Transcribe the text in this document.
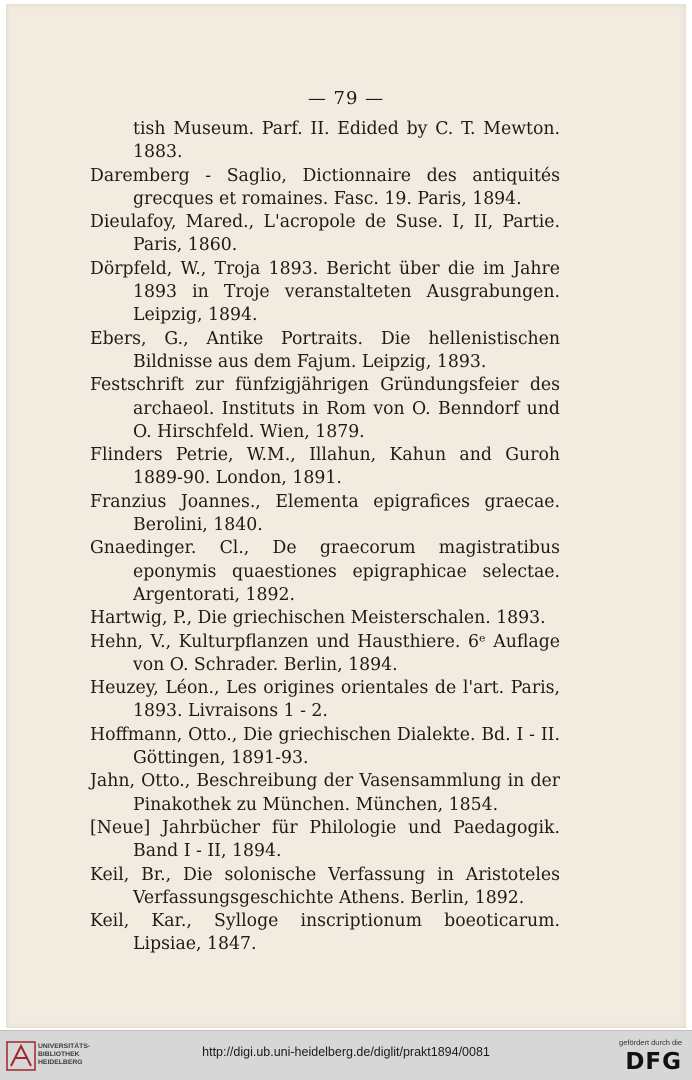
— 79 —
tish Museum. Parf. II. Edided by C. T. Mewton. 1883.
Daremberg - Saglio, Dictionnaire des antiquités grecques et romaines. Fasc. 19. Paris, 1894.
Dieulafoy, Mared., L'acropole de Suse. I, II, Partie. Paris, 1860.
Dörpfeld, W., Troja 1893. Bericht über die im Jahre 1893 in Troje veranstalteten Ausgrabungen. Leipzig, 1894.
Ebers, G., Antike Portraits. Die hellenistischen Bildnisse aus dem Fajum. Leipzig, 1893.
Festschrift zur fünfzigjährigen Gründungsfeier des archaeol. Instituts in Rom von O. Benndorf und O. Hirschfeld. Wien, 1879.
Flinders Petrie, W.M., Illahun, Kahun and Guroh 1889-90. London, 1891.
Franzius Joannes., Elementa epigrafices graecae. Berolini, 1840.
Gnaedinger. Cl., De graecorum magistratibus eponymis quaestiones epigraphicae selectae. Argentorati, 1892.
Hartwig, P., Die griechischen Meisterschalen. 1893.
Hehn, V., Kulturpflanzen und Hausthiere. 6ᵉ Auflage von O. Schrader. Berlin, 1894.
Heuzey, Léon., Les origines orientales de l'art. Paris, 1893. Livraisons 1 - 2.
Hoffmann, Otto., Die griechischen Dialekte. Bd. I - II. Göttingen, 1891-93.
Jahn, Otto., Beschreibung der Vasensammlung in der Pinakothek zu München. München, 1854.
[Neue] Jahrbücher für Philologie und Paedagogik. Band I - II, 1894.
Keil, Br., Die solonische Verfassung in Aristoteles Verfassungsgeschichte Athens. Berlin, 1892.
Keil, Kar., Sylloge inscriptionum boeoticarum. Lipsiae, 1847.
UNIVERSITÄTS-
BIBLIOTHEK
HEIDELBERG
http://digi.ub.uni-heidelberg.de/diglit/prakt1894/0081
gefördert durch die
DFG
